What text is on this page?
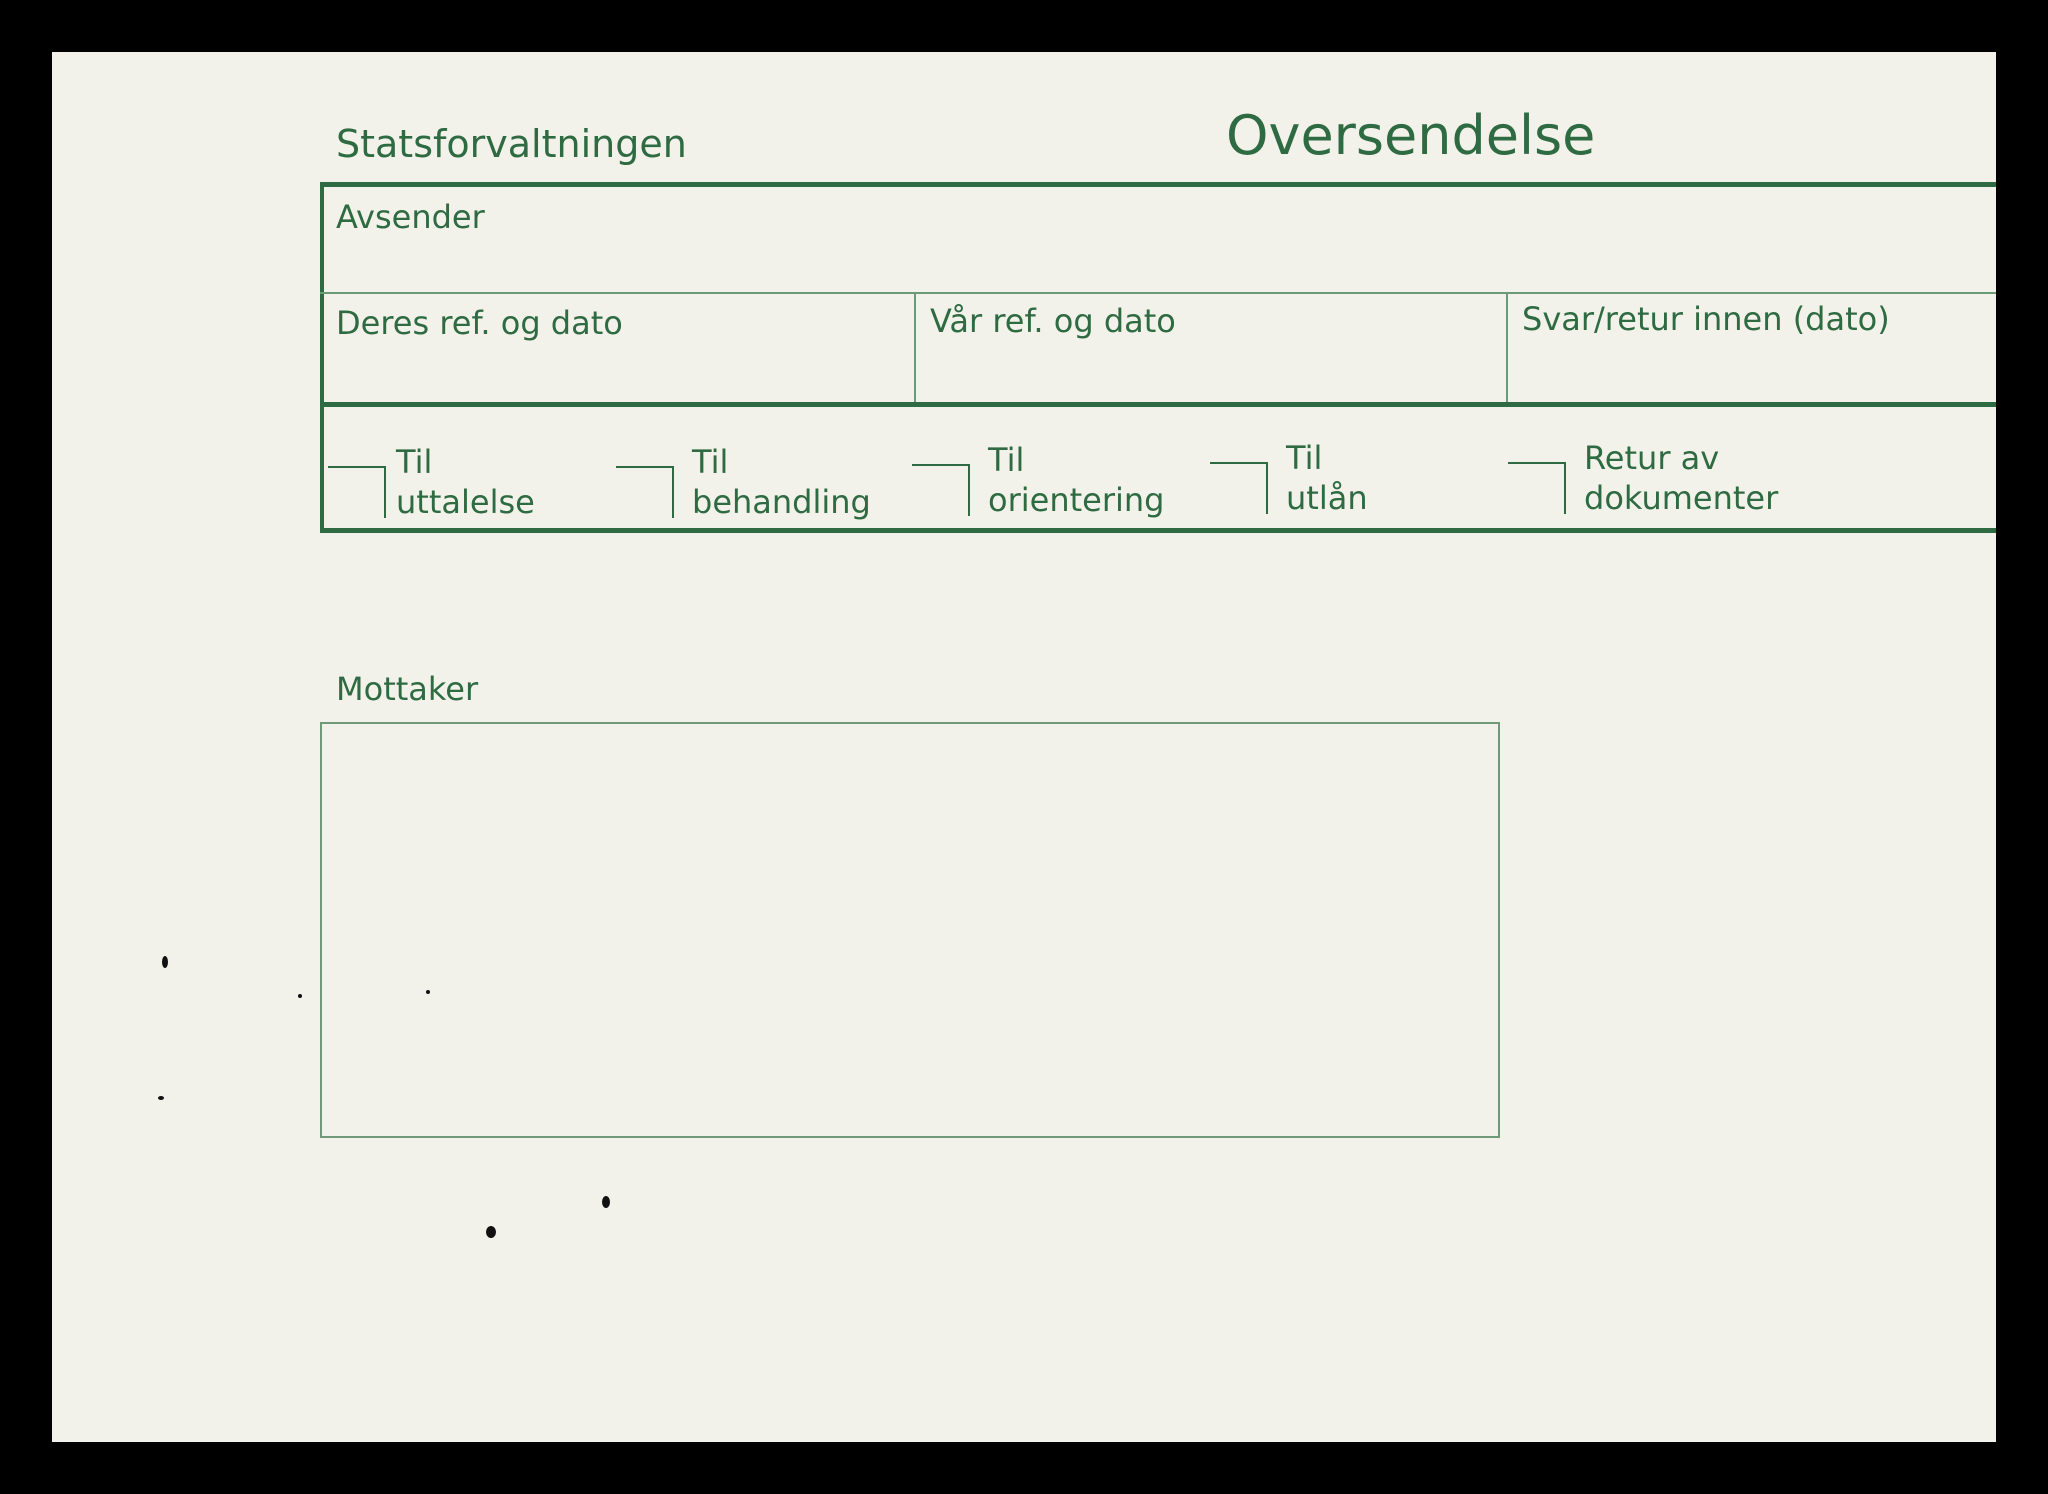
Statsforvaltningen	Oversendelse
Avsender
Deres ref. og dato	Vår ref. og dato	Svar/retur innen (dato)
Til
uttalelse
Til
behandling
Til
orientering
Til
utlån
Retur av
dokumenter
Mottaker
